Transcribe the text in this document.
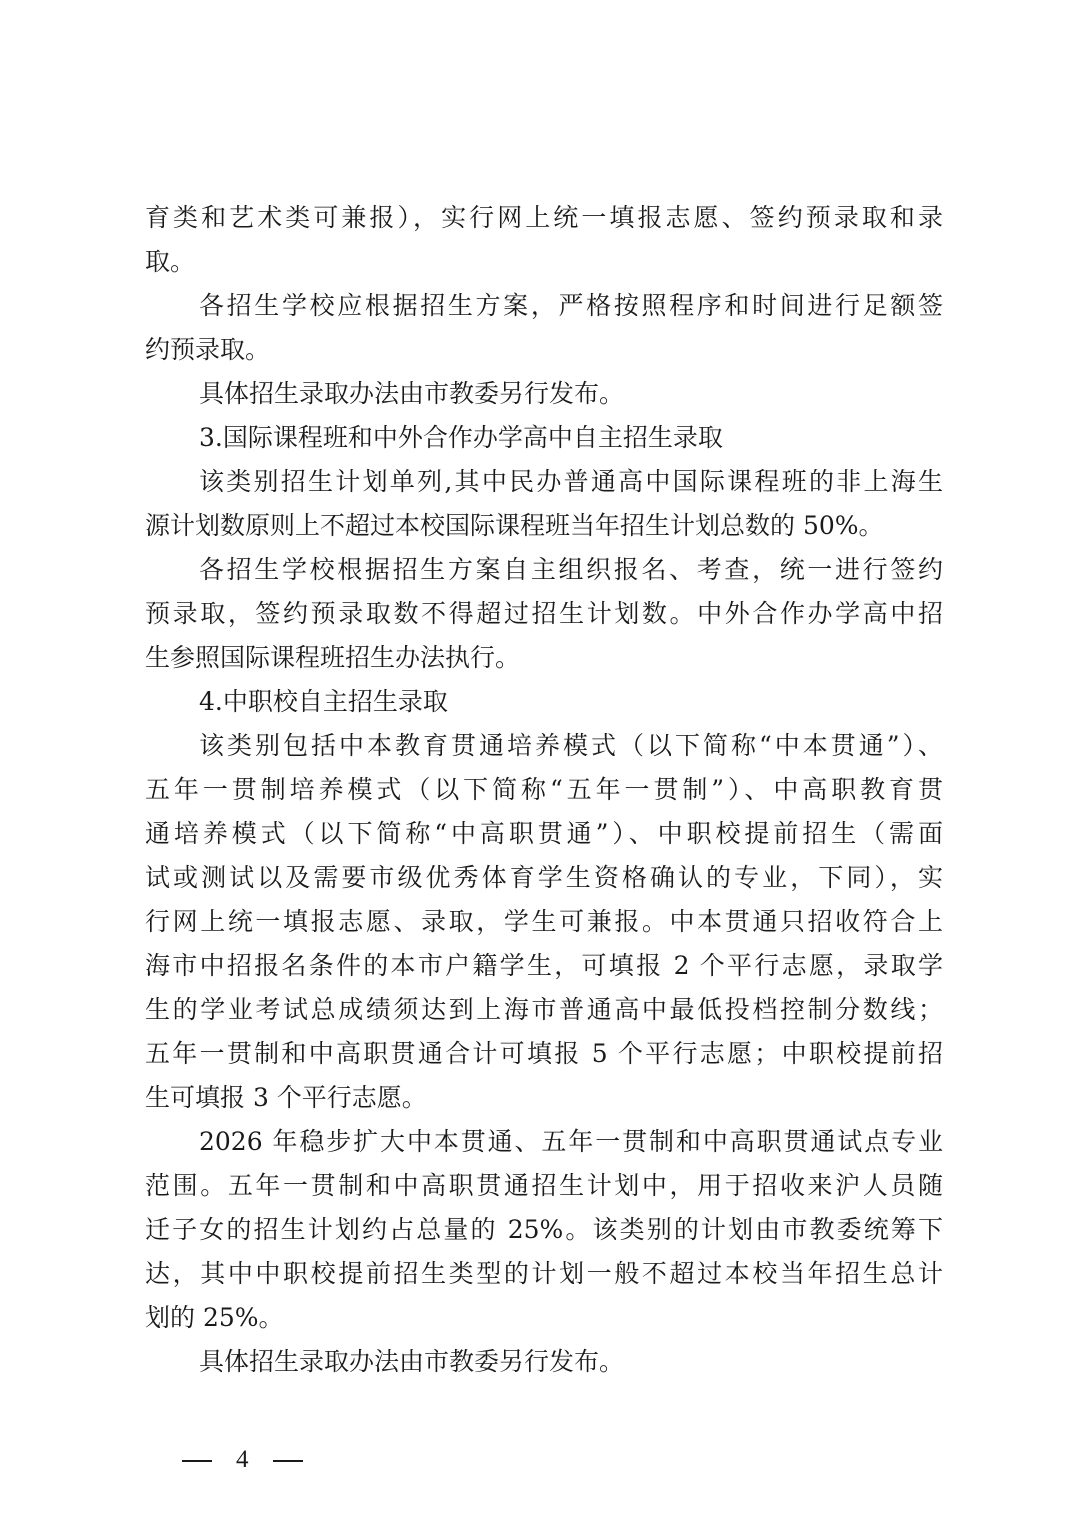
育类和艺术类可兼报），实行网上统一填报志愿、签约预录取和录
取。
各招生学校应根据招生方案，严格按照程序和时间进行足额签
约预录取。
具体招生录取办法由市教委另行发布。
3.国际课程班和中外合作办学高中自主招生录取
该类别招生计划单列,其中民办普通高中国际课程班的非上海生
源计划数原则上不超过本校国际课程班当年招生计划总数的 50%。
各招生学校根据招生方案自主组织报名、考查，统一进行签约
预录取，签约预录取数不得超过招生计划数。中外合作办学高中招
生参照国际课程班招生办法执行。
4.中职校自主招生录取
该类别包括中本教育贯通培养模式（以下简称“中本贯通”）、
五年一贯制培养模式（以下简称“五年一贯制”）、中高职教育贯
通培养模式（以下简称“中高职贯通”）、中职校提前招生（需面
试或测试以及需要市级优秀体育学生资格确认的专业，下同），实
行网上统一填报志愿、录取，学生可兼报。中本贯通只招收符合上
海市中招报名条件的本市户籍学生，可填报 2 个平行志愿，录取学
生的学业考试总成绩须达到上海市普通高中最低投档控制分数线；
五年一贯制和中高职贯通合计可填报 5 个平行志愿；中职校提前招
生可填报 3 个平行志愿。
2026 年稳步扩大中本贯通、五年一贯制和中高职贯通试点专业
范围。五年一贯制和中高职贯通招生计划中，用于招收来沪人员随
迁子女的招生计划约占总量的 25%。该类别的计划由市教委统筹下
达，其中中职校提前招生类型的计划一般不超过本校当年招生总计
划的 25%。
具体招生录取办法由市教委另行发布。
4
